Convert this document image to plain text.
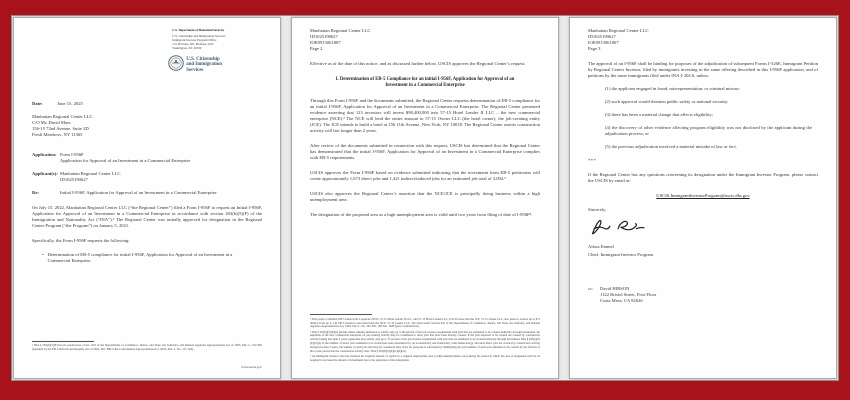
U.S. Department of Homeland Security
U.S. Citizenship and Immigration Services
Immigrant Investor Program Office
131 M Street, NE, Mailstop 2235
Washington, DC 20529
U.S. Citizenship
and Immigration
Services
Date:	June 15, 2025
Manhattan Regional Center LLC
C/O Mr. David Marx
156-15 72nd Avenue, Suite 2D
Fresh Meadows, NY 11365
Application: Form I-956F
Application for Approval of an Investment in a Commercial Enterprise
Applicant(s): Manhattan Regional Center LLC
ID1025190627
Re:	Initial I-956F, Application for Approval of an Investment in a Commercial Enterprise

On July 15, 2022, Manhattan Regional Center LLC (“the Regional Center”) filed a Form I-956F to request an Initial I-956F, Application for Approval of an Investment in a Commercial Enterprise in accordance with section 203(b)(5)(F) of the Immigration and Nationality Act (“INA”).¹ The Regional Center was initially approved for designation in the Regional Center Program (“the Program”) on January 5, 2021.

Specifically, the Form I-956F requests the following:

• Determination of EB-5 compliance for initial I-956F, Application for Approval of an Investment in a Commercial Enterprise.
¹ INA § 203(b)(5)(F) has its predecessor at Sec. 610 of the Departments of Commerce, Justice, and State, the Judiciary, and Related Agencies Appropriations Act of 1993, Pub. L. 102-395 (repealed by the EB-5 Reform and Integrity Act of 2022, Div. BB of the Consolidated Appropriations Act, 2022, Pub. L. No. 117-103).
www.uscis.gov
Manhattan Regional Center LLC
ID1025190627
IOE0913061807
Page 2

Effective as of the date of this notice, and as discussed further below, USCIS approves the Regional Center’s request.

I. Determination of EB-5 Compliance for an initial I-956F, Application for Approval of an Investment in a Commercial Enterprise

Through this Form I-956F and the documents submitted, the Regional Center requests determination of EB-5 compliance for an initial I-956F, Application for Approval of an Investment in a Commercial Enterprise. The Regional Center presented evidence asserting that 123 investors will invest $98,400,000 into 57-15 Hotel Lender II LLC – the new commercial enterprise (NCE).² The NCE will lend the entire amount to 57-15 Owner LLC (the hotel owner), the job-creating entity (JCE). The JCE intends to build a hotel at 156 11th Avenue, New York, NY 10018. The Regional Center asserts construction activity will last longer than 2 years.

After review of the documents submitted in connection with this request, USCIS has determined that the Regional Center has demonstrated that the initial I-956F, Application for Approval of an Investment in a Commercial Enterprise complies with EB-5 requirements.

USCIS approves the Form I-956F based on evidence submitted indicating that the investment from EB-5 petitioners will create approximately 1,673 direct jobs and 1,421 indirect/induced jobs for an estimated job total of 3,094.³

USCIS also approves the Regional Center’s assertion that the NCE/JCE is principally doing business within a high unemployment area.

The designation of the proposed area as a high unemployment area is valid until two years from filing of date of I-956F⁴.

² This project combines EB-5 funds from 2 separate NCEs: 57-15 Hotel Lender II LLC, and 57-15 Hotel Lender LLC. USCIS notes that the JCE, 57-15 Owner LLC, also plans to receive up to $71 million from up to 142 EB-5 investors associated with the NCE, 57-15 Lender LLC, who filed under Section 610 of the Departments of Commerce, Justice, and State, the Judiciary, and Related Agencies Appropriations Act, 1993, Pub. L. No. 102-395, 106 Stat. 1828 (prior consideration).
³ INA § 203(b)(5)(E)(ii) permits aliens seeking admission to satisfy only up to 90 percent of the job creation requirement with jobs that are estimated to be created indirectly through investment. An emphasis of the new commercial enterprise on job-creating activity may be considered to show jobs that have been directly created. If the jobs expected to be created are created by construction activity lasting less than 2 years, applicants may satisfy only up to 75 percent of the job creation requirement with jobs that are estimated to be created indirectly through investment. INA § 203(b)(5)(E)(iv)(I). If the number of direct jobs estimated to be created has been determined by an economically and statistically valid methodology, and such direct jobs are created by construction activity lasting less than 2 years, the number of such jobs that may be considered direct jobs for purposes is calculated by multiplying the total number of such jobs estimated to be created by the fraction of the 2-year period that the construction activity lasts. INA § 203(b)(5)(E)(iv)(II)(aa).
⁴ An immigrant investor who has invested the required amount of capital in a targeted employment area (a high unemployment area) during the period in which the area is designated will not be required to increase the amount of investment due to the expiration of the designation.
Manhattan Regional Center LLC
ID1025190627
IOE0913061807
Page 3

The approval of an I-956F shall be binding for purposes of the adjudication of subsequent Forms I-526E, Immigrant Petition by Regional Center Investor, filed by immigrants investing in the same offering described in this I-956F application, and of petitions by the same immigrants filed under INA § 204.6, unless:

(1) the applicant engaged in fraud, misrepresentation, or criminal misuse;
(2) such approval would threaten public safety or national security;
(3) there has been a material change that affects eligibility;
(4) the discovery of other evidence affecting program eligibility was not disclosed by the applicant during the adjudication process; or
(5) the previous adjudication involved a material mistake of law or fact.
***

If the Regional Center has any questions concerning its designation under the Immigrant Investor Program, please contact the USCIS by email at:

USCIS.ImmigrantInvestorProgram@uscis.dhs.gov
Sincerely,
Alissa Emmel
Chief, Immigrant Investor Program
cc:	David HIRSON
1122 Bristol Street, First Floor
Costa Mesa, CA 92626
